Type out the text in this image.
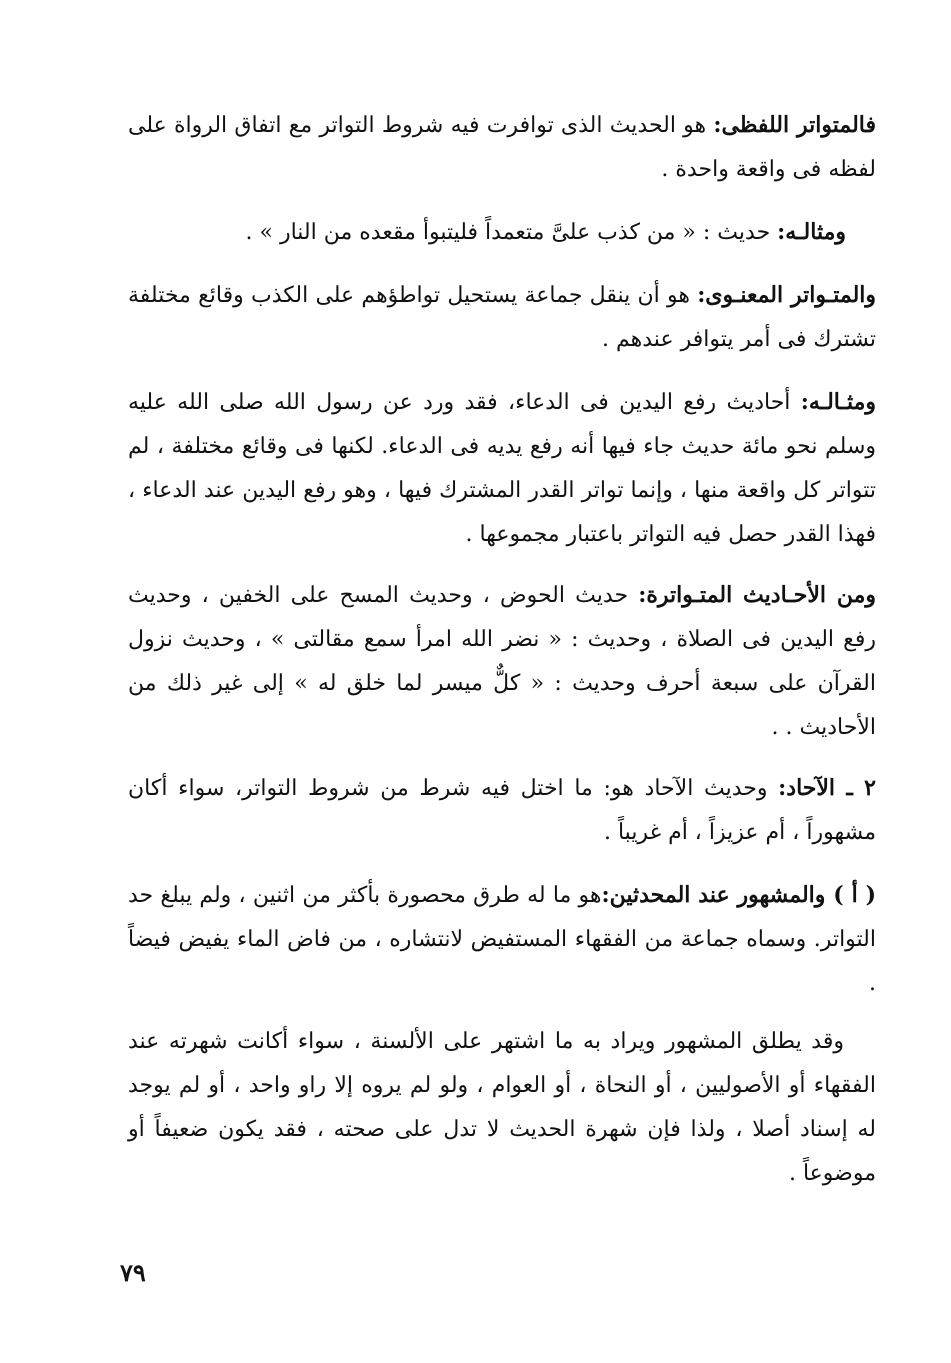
فالمتواتر اللفظى: هو الحديث الذى توافرت فيه شروط التواتر مع اتفاق الرواة على لفظه فى واقعة واحدة .
ومثالـه: حديث : « من كذب علىَّ متعمداً فليتبوأ مقعده من النار » .
والمتـواتر المعنـوى: هو أن ينقل جماعة يستحيل تواطؤهم على الكذب وقائع مختلفة تشترك فى أمر يتوافر عندهم .
ومثـالـه: أحاديث رفع اليدين فى الدعاء، فقد ورد عن رسول الله صلى الله عليه وسلم نحو مائة حديث جاء فيها أنه رفع يديه فى الدعاء. لكنها فى وقائع مختلفة ، لم تتواتر كل واقعة منها ، وإنما تواتر القدر المشترك فيها ، وهو رفع اليدين عند الدعاء ، فهذا القدر حصل فيه التواتر باعتبار مجموعها .
ومن الأحـاديث المتـواترة: حديث الحوض ، وحديث المسح على الخفين ، وحديث رفع اليدين فى الصلاة ، وحديث : « نضر الله امرأ سمع مقالتى » ، وحديث نزول القرآن على سبعة أحرف وحديث : « كلٌّ ميسر لما خلق له » إلى غير ذلك من الأحاديث . .
٢ ـ الآحاد: وحديث الآحاد هو: ما اختل فيه شرط من شروط التواتر، سواء أكان مشهوراً ، أم عزيزاً ، أم غريباً .
( أ ) والمشهور عند المحدثين:هو ما له طرق محصورة بأكثر من اثنين ، ولم يبلغ حد التواتر. وسماه جماعة من الفقهاء المستفيض لانتشاره ، من فاض الماء يفيض فيضاً .
وقد يطلق المشهور ويراد به ما اشتهر على الألسنة ، سواء أكانت شهرته عند الفقهاء أو الأصوليين ، أو النحاة ، أو العوام ، ولو لم يروه إلا راو واحد ، أو لم يوجد له إسناد أصلا ، ولذا فإن شهرة الحديث لا تدل على صحته ، فقد يكون ضعيفاً أو موضوعاً .
٧٩
